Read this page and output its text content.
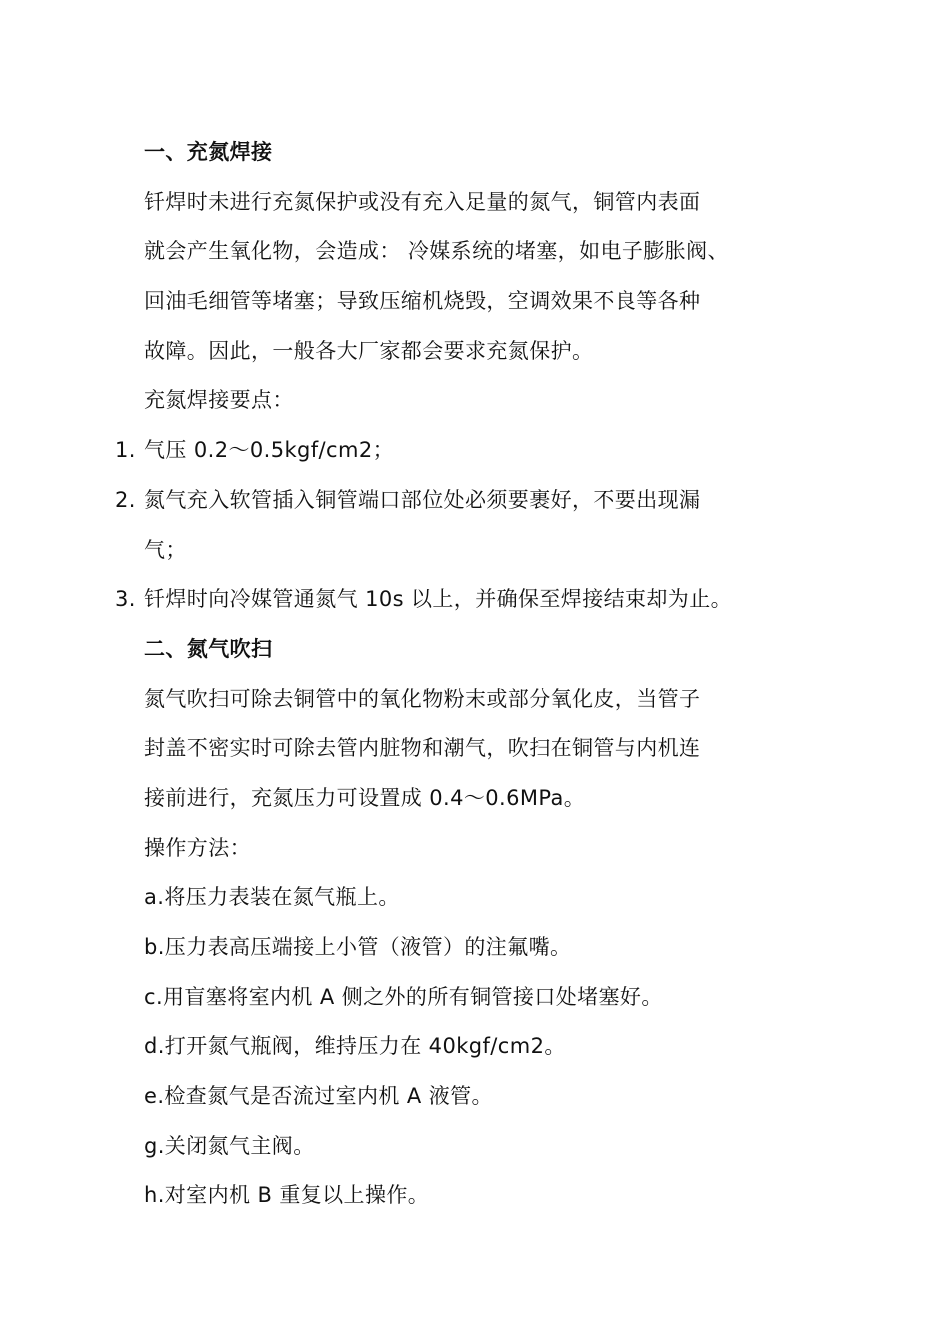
一、充氮焊接
钎焊时未进行充氮保护或没有充入足量的氮气，铜管内表面
就会产生氧化物，会造成： 冷媒系统的堵塞，如电子膨胀阀、
回油毛细管等堵塞；导致压缩机烧毁，空调效果不良等各种
故障。因此，一般各大厂家都会要求充氮保护。
充氮焊接要点：
1. 气压 0.2～0.5kgf/cm2；
2. 氮气充入软管插入铜管端口部位处必须要裹好，不要出现漏
气；
3. 钎焊时向冷媒管通氮气 10s 以上，并确保至焊接结束却为止。
二、氮气吹扫
氮气吹扫可除去铜管中的氧化物粉末或部分氧化皮，当管子
封盖不密实时可除去管内脏物和潮气，吹扫在铜管与内机连
接前进行，充氮压力可设置成 0.4～0.6MPa。
操作方法：
a.将压力表装在氮气瓶上。
b.压力表高压端接上小管（液管）的注氟嘴。
c.用盲塞将室内机 A 侧之外的所有铜管接口处堵塞好。
d.打开氮气瓶阀，维持压力在 40kgf/cm2。
e.检查氮气是否流过室内机 A 液管。
g.关闭氮气主阀。
h.对室内机 B 重复以上操作。
